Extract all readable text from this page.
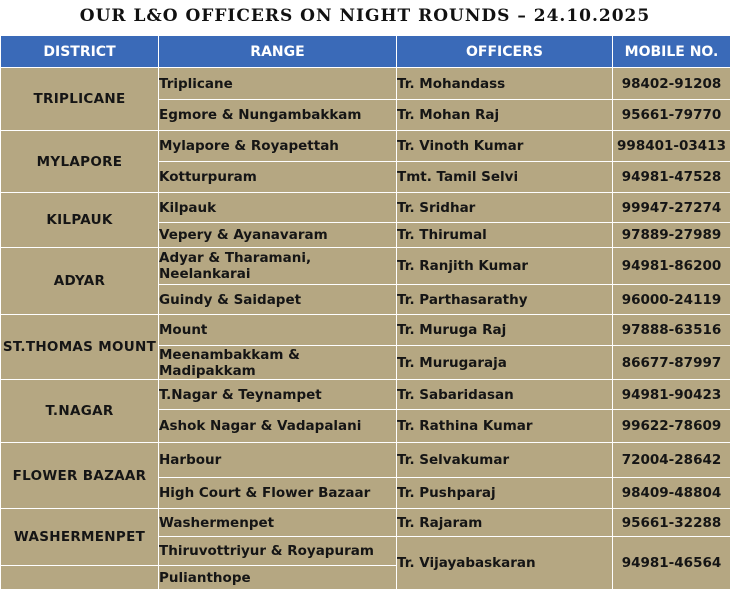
OUR L&O OFFICERS ON NIGHT ROUNDS – 24.10.2025
DISTRICT	RANGE	OFFICERS	MOBILE NO.
TRIPLICANE	Triplicane	Tr. Mohandass	98402-91208
	Egmore & Nungambakkam	Tr. Mohan Raj	95661-79770
MYLAPORE	Mylapore & Royapettah	Tr. Vinoth Kumar	998401-03413
	Kotturpuram	Tmt. Tamil Selvi	94981-47528
KILPAUK	Kilpauk	Tr. Sridhar	99947-27274
	Vepery & Ayanavaram	Tr. Thirumal	97889-27989
ADYAR	Adyar & Tharamani, Neelankarai	Tr. Ranjith Kumar	94981-86200
	Guindy & Saidapet	Tr. Parthasarathy	96000-24119
ST.THOMAS MOUNT	Mount	Tr. Muruga Raj	97888-63516
	Meenambakkam & Madipakkam	Tr. Murugaraja	86677-87997
T.NAGAR	T.Nagar & Teynampet	Tr. Sabaridasan	94981-90423
	Ashok Nagar & Vadapalani	Tr. Rathina Kumar	99622-78609
FLOWER BAZAAR	Harbour	Tr. Selvakumar	72004-28642
	High Court & Flower Bazaar	Tr. Pushparaj	98409-48804
WASHERMENPET	Washermenpet	Tr. Rajaram	95661-32288
	Thiruvottriyur & Royapuram	Tr. Vijayabaskaran	94981-46564
	Pulianthope		
